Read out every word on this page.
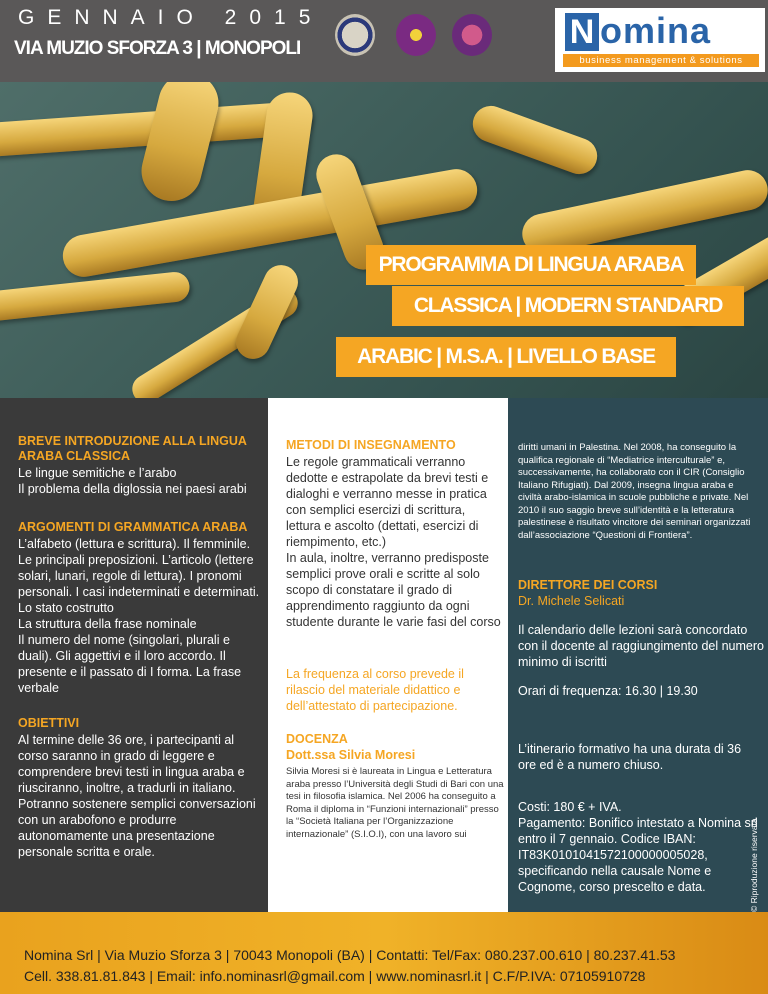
GENNAIO 2015
VIA MUZIO SFORZA 3 | MONOPOLI	N omina
business management & solutions
PROGRAMMA DI LINGUA ARABA
CLASSICA | MODERN STANDARD
ARABIC | M.S.A. | LIVELLO BASE
BREVE INTRODUZIONE ALLA LINGUA ARABA CLASSICA
Le lingue semitiche e l’arabo
Il problema della diglossia nei paesi arabi
ARGOMENTI DI GRAMMATICA ARABA
L’alfabeto (lettura e scrittura). Il femminile. Le principali preposizioni. L’articolo (lettere solari, lunari, regole di lettura). I pronomi personali. I casi indeterminati e determinati. Lo stato costrutto
La struttura della frase nominale
Il numero del nome (singolari, plurali e duali). Gli aggettivi e il loro accordo. Il presente e il passato di I forma. La frase verbale
OBIETTIVI
Al termine delle 36 ore, i partecipanti al corso saranno in grado di leggere e comprendere brevi testi in lingua araba e riusciranno, inoltre, a tradurli in italiano. Potranno sostenere semplici conversazioni con un arabofono e produrre autonomamente una presentazione personale scritta e orale.
METODI DI INSEGNAMENTO
Le regole grammaticali verranno dedotte e estrapolate da brevi testi e dialoghi e verranno messe in pratica con semplici esercizi di scrittura, lettura e ascolto (dettati, esercizi di riempimento, etc.)
In aula, inoltre, verranno predisposte semplici prove orali e scritte al solo scopo di constatare il grado di apprendimento raggiunto da ogni studente durante le varie fasi del corso
La frequenza al corso prevede il rilascio del materiale didattico e dell’attestato di partecipazione.
DOCENZA
Dott.ssa Silvia Moresi
Silvia Moresi si è laureata in Lingua e Letteratura araba presso l’Università degli Studi di Bari con una tesi in filosofia islamica. Nel 2006 ha conseguito a Roma il diploma in “Funzioni internazionali” presso la “Società Italiana per l’Organizzazione internazionale” (S.I.O.I), con una lavoro sui
diritti umani in Palestina. Nel 2008, ha conseguito la qualifica regionale di “Mediatrice interculturale” e, successivamente, ha collaborato con il CIR (Consiglio Italiano Rifugiati). Dal 2009, insegna lingua araba e civiltà arabo-islamica in scuole pubbliche e private. Nel 2010 il suo saggio breve sull’identità e la letteratura palestinese è risultato vincitore dei seminari organizzati dall’associazione “Questioni di Frontiera”.
DIRETTORE DEI CORSI
Dr. Michele Selicati
Il calendario delle lezioni sarà concordato con il docente al raggiungimento del numero minimo di iscritti
Orari di frequenza: 16.30 | 19.30
L’itinerario formativo ha una durata di 36 ore ed è a numero chiuso.
Costi: 180 € + IVA.
Pagamento: Bonifico intestato a Nomina srl entro il 7 gennaio. Codice IBAN: IT83K0101041572100000005028, specificando nella causale Nome e Cognome, corso prescelto e data.	© Riproduzione riservata

Nomina Srl | Via Muzio Sforza 3 | 70043 Monopoli (BA) | Contatti: Tel/Fax: 080.237.00.610 | 80.237.41.53

Cell. 338.81.81.843 | Email: info.nominasrl@gmail.com | www.nominasrl.it | C.F/P.IVA: 07105910728
